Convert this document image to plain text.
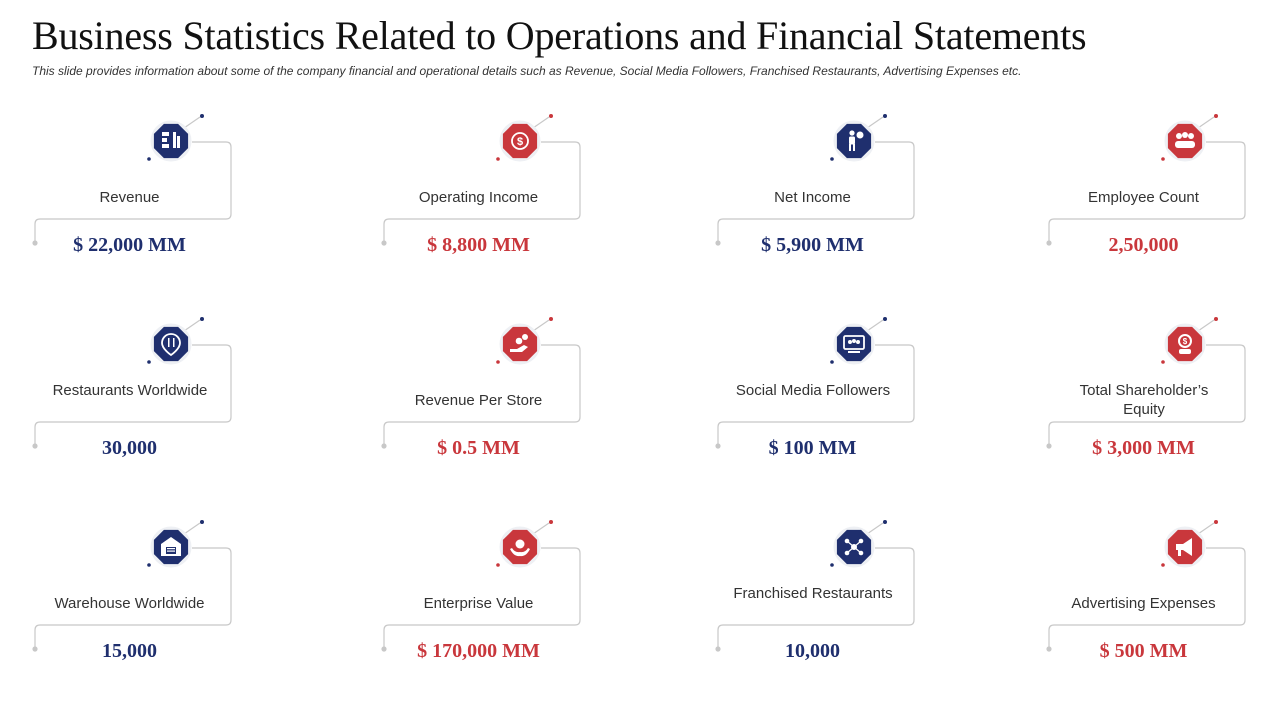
Business Statistics Related to Operations and Financial Statements

This slide provides information about some of the company financial and operational details such as Revenue, Social Media Followers, Franchised Restaurants, Advertising Expenses etc.

Revenue
$ 22,000 MM
$
Operating Income
$ 8,800 MM
Net Income
$ 5,900 MM
Employee Count
2,50,000
Restaurants Worldwide
30,000
Revenue Per Store
$ 0.5 MM
Social Media Followers
$ 100 MM
$
Total Shareholder’s Equity
$ 3,000 MM
Warehouse Worldwide
15,000
Enterprise Value
$ 170,000 MM
Franchised Restaurants
10,000
Advertising Expenses
$ 500 MM
